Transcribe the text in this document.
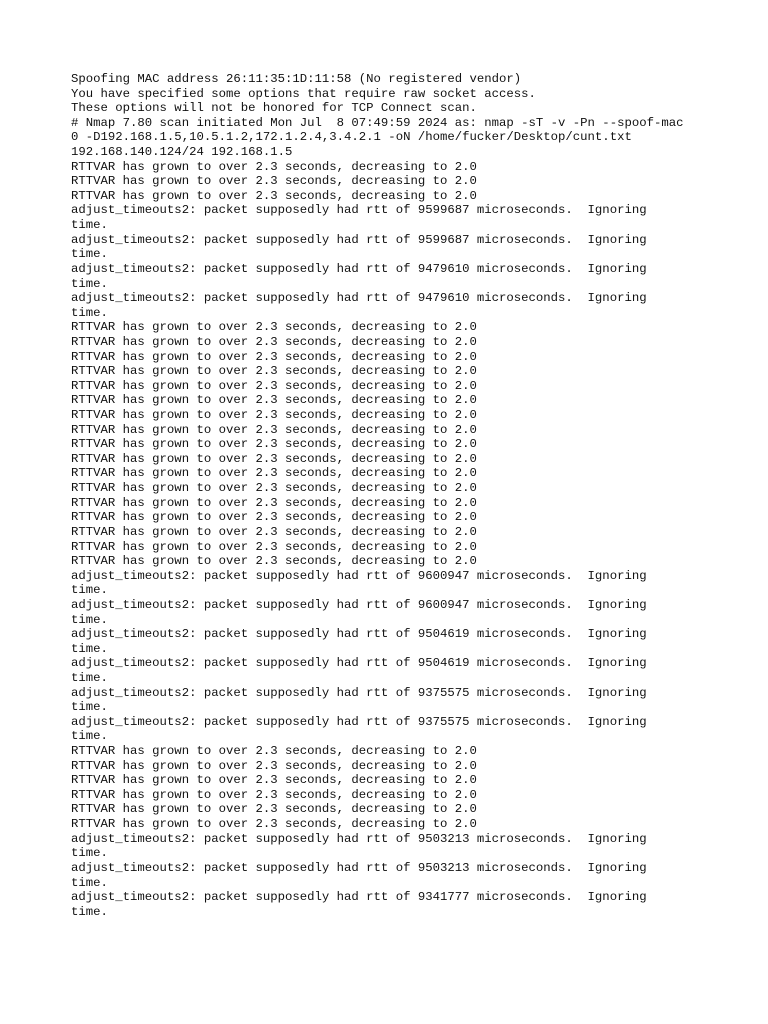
Spoofing MAC address 26:11:35:1D:11:58 (No registered vendor)
You have specified some options that require raw socket access.
These options will not be honored for TCP Connect scan.
# Nmap 7.80 scan initiated Mon Jul  8 07:49:59 2024 as: nmap -sT -v -Pn --spoof-mac
0 -D192.168.1.5,10.5.1.2,172.1.2.4,3.4.2.1 -oN /home/fucker/Desktop/cunt.txt
192.168.140.124/24 192.168.1.5
RTTVAR has grown to over 2.3 seconds, decreasing to 2.0
RTTVAR has grown to over 2.3 seconds, decreasing to 2.0
RTTVAR has grown to over 2.3 seconds, decreasing to 2.0
adjust_timeouts2: packet supposedly had rtt of 9599687 microseconds.  Ignoring
time.
adjust_timeouts2: packet supposedly had rtt of 9599687 microseconds.  Ignoring
time.
adjust_timeouts2: packet supposedly had rtt of 9479610 microseconds.  Ignoring
time.
adjust_timeouts2: packet supposedly had rtt of 9479610 microseconds.  Ignoring
time.
RTTVAR has grown to over 2.3 seconds, decreasing to 2.0
RTTVAR has grown to over 2.3 seconds, decreasing to 2.0
RTTVAR has grown to over 2.3 seconds, decreasing to 2.0
RTTVAR has grown to over 2.3 seconds, decreasing to 2.0
RTTVAR has grown to over 2.3 seconds, decreasing to 2.0
RTTVAR has grown to over 2.3 seconds, decreasing to 2.0
RTTVAR has grown to over 2.3 seconds, decreasing to 2.0
RTTVAR has grown to over 2.3 seconds, decreasing to 2.0
RTTVAR has grown to over 2.3 seconds, decreasing to 2.0
RTTVAR has grown to over 2.3 seconds, decreasing to 2.0
RTTVAR has grown to over 2.3 seconds, decreasing to 2.0
RTTVAR has grown to over 2.3 seconds, decreasing to 2.0
RTTVAR has grown to over 2.3 seconds, decreasing to 2.0
RTTVAR has grown to over 2.3 seconds, decreasing to 2.0
RTTVAR has grown to over 2.3 seconds, decreasing to 2.0
RTTVAR has grown to over 2.3 seconds, decreasing to 2.0
RTTVAR has grown to over 2.3 seconds, decreasing to 2.0
adjust_timeouts2: packet supposedly had rtt of 9600947 microseconds.  Ignoring
time.
adjust_timeouts2: packet supposedly had rtt of 9600947 microseconds.  Ignoring
time.
adjust_timeouts2: packet supposedly had rtt of 9504619 microseconds.  Ignoring
time.
adjust_timeouts2: packet supposedly had rtt of 9504619 microseconds.  Ignoring
time.
adjust_timeouts2: packet supposedly had rtt of 9375575 microseconds.  Ignoring
time.
adjust_timeouts2: packet supposedly had rtt of 9375575 microseconds.  Ignoring
time.
RTTVAR has grown to over 2.3 seconds, decreasing to 2.0
RTTVAR has grown to over 2.3 seconds, decreasing to 2.0
RTTVAR has grown to over 2.3 seconds, decreasing to 2.0
RTTVAR has grown to over 2.3 seconds, decreasing to 2.0
RTTVAR has grown to over 2.3 seconds, decreasing to 2.0
RTTVAR has grown to over 2.3 seconds, decreasing to 2.0
adjust_timeouts2: packet supposedly had rtt of 9503213 microseconds.  Ignoring
time.
adjust_timeouts2: packet supposedly had rtt of 9503213 microseconds.  Ignoring
time.
adjust_timeouts2: packet supposedly had rtt of 9341777 microseconds.  Ignoring
time.
